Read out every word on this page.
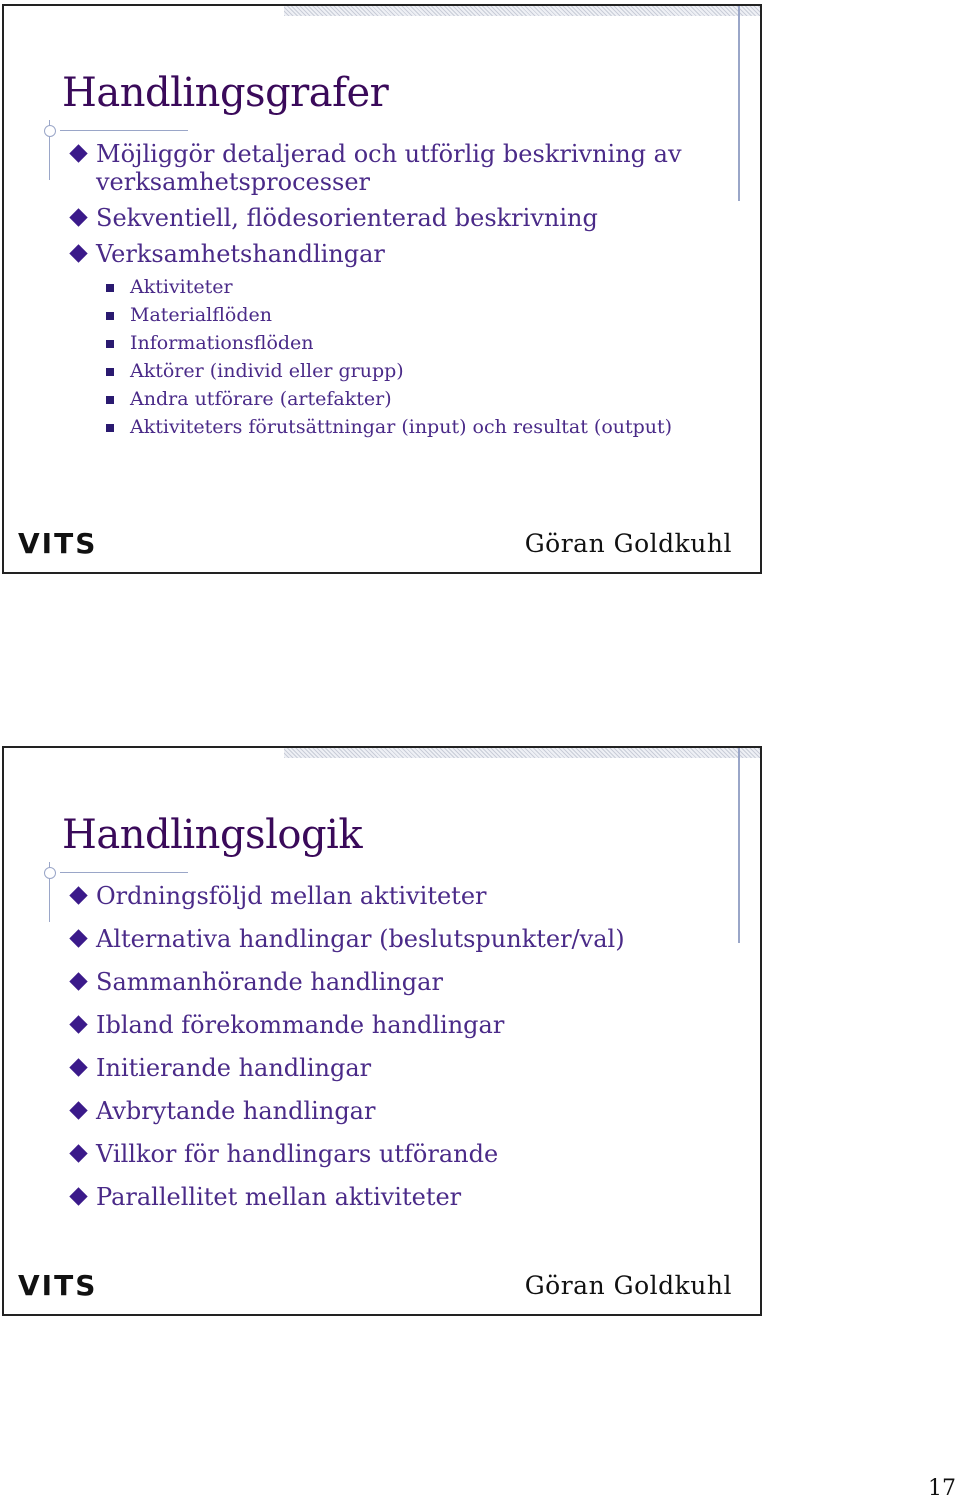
Handlingsgrafer
Möjliggör detaljerad och utförlig beskrivning av
verksamhetsprocesser
Sekventiell, flödesorienterad beskrivning
Verksamhetshandlingar
Aktiviteter
Materialflöden
Informationsflöden
Aktörer (individ eller grupp)
Andra utförare (artefakter)
Aktiviteters förutsättningar (input) och resultat (output)
VITS	Göran Goldkuhl
Handlingslogik
Ordningsföljd mellan aktiviteter
Alternativa handlingar (beslutspunkter/val)
Sammanhörande handlingar
Ibland förekommande handlingar
Initierande handlingar
Avbrytande handlingar
Villkor för handlingars utförande
Parallellitet mellan aktiviteter
VITS	Göran Goldkuhl
17
